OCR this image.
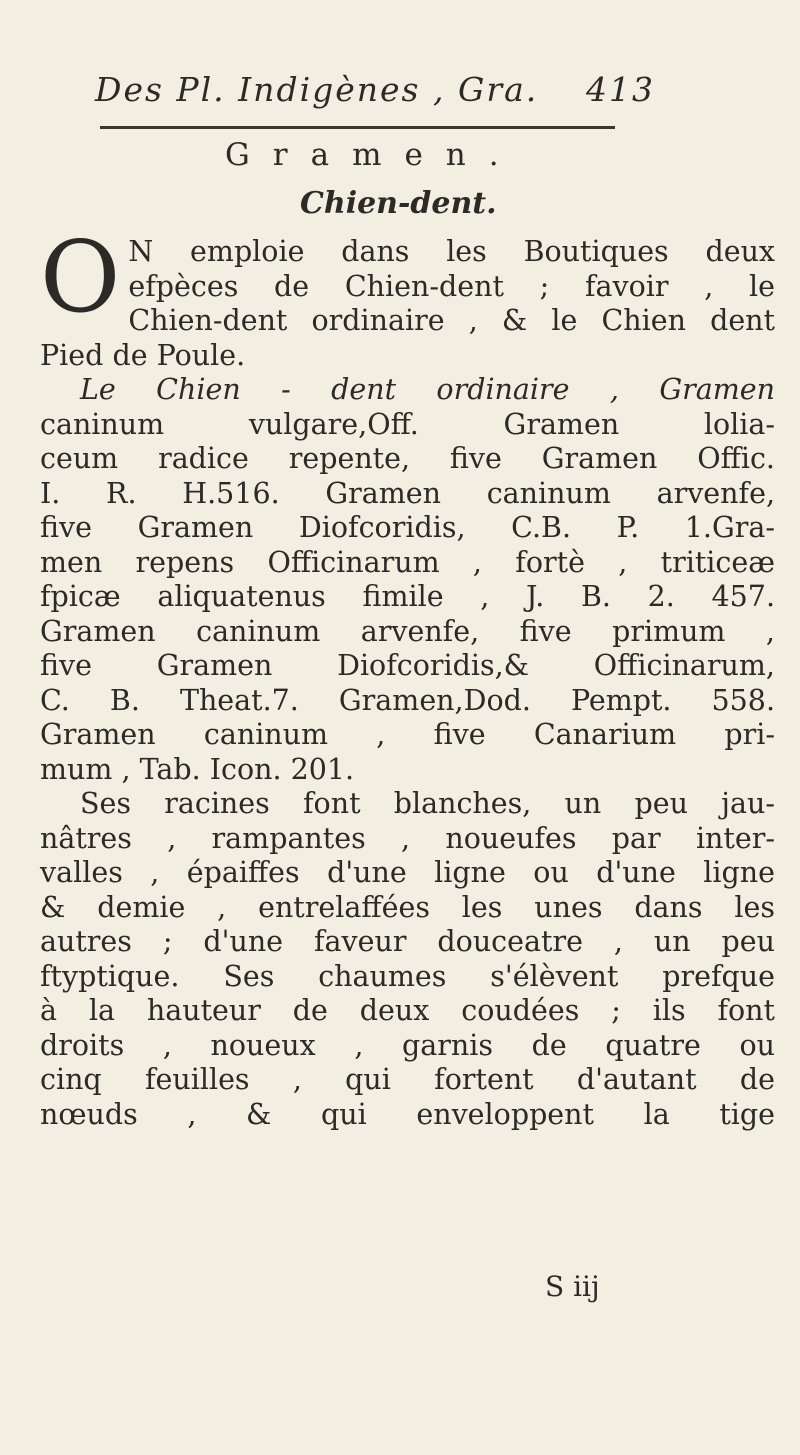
Des Pl. Indigènes , Gra. 413
Gramen.
Chien-dent.
O N emploie dans les Boutiques deux
efpèces de Chien-dent ; favoir , le
Chien-dent ordinaire , & le Chien dent
Pied de Poule.
Le Chien - dent ordinaire , Gramen
caninum vulgare,Off. Gramen lolia-
ceum radice repente, five Gramen Offic.
I. R. H.516. Gramen caninum arvenfe,
five Gramen Diofcoridis, C.B. P. 1.Gra-
men repens Officinarum , fortè , triticeæ
fpicæ aliquatenus fimile , J. B. 2. 457.
Gramen caninum arvenfe, five primum ,
five Gramen Diofcoridis,& Officinarum,
C. B. Theat.7. Gramen,Dod. Pempt. 558.
Gramen caninum , five Canarium pri-
mum , Tab. Icon. 201.
Ses racines font blanches, un peu jau-
nâtres , rampantes , noueufes par inter-
valles , épaiffes d'une ligne ou d'une ligne
& demie , entrelaffées les unes dans les
autres ; d'une faveur douceatre , un peu
ftyptique. Ses chaumes s'élèvent prefque
à la hauteur de deux coudées ; ils font
droits , noueux , garnis de quatre ou
cinq feuilles , qui fortent d'autant de
nœuds , & qui enveloppent la tige
S iij
